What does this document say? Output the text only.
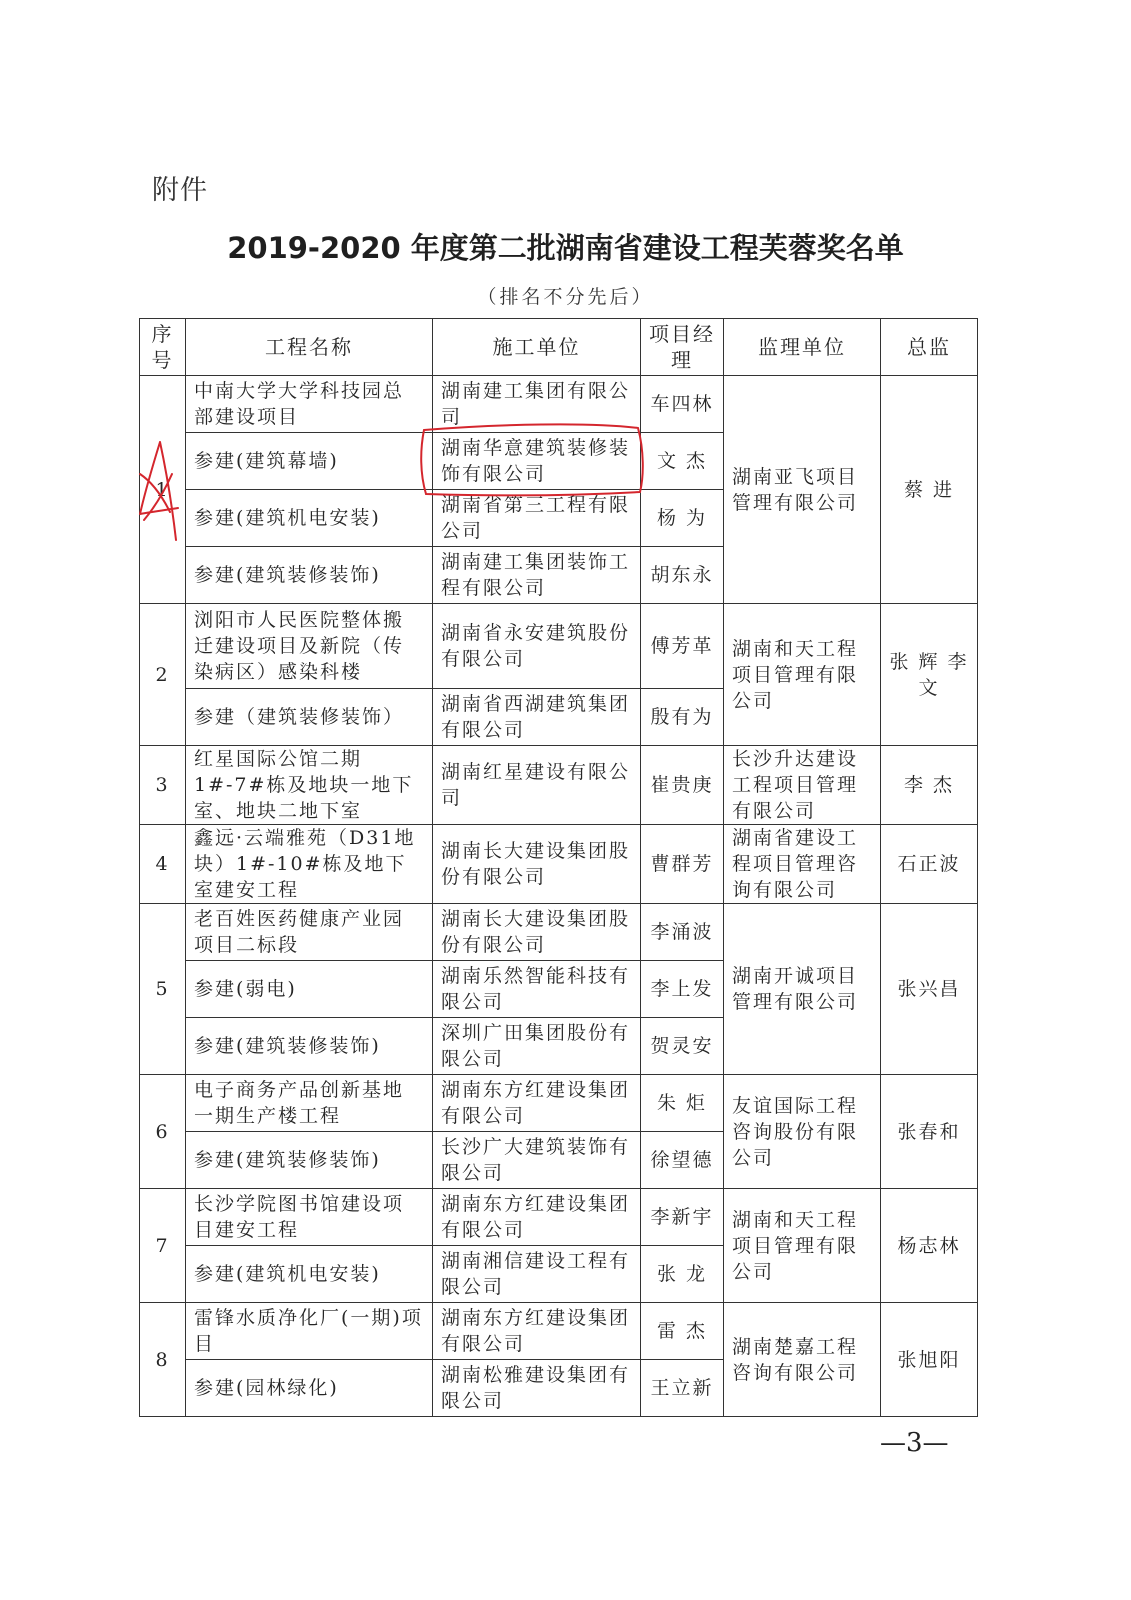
附件
2019-2020 年度第二批湖南省建设工程芙蓉奖名单
（排名不分先后）
序号	工程名称	施工单位	项目经理	监理单位	总监
1	中南大学大学科技园总部建设项目	湖南建工集团有限公司	车四林	湖南亚飞项目管理有限公司	蔡 进
	参建(建筑幕墙)	湖南华意建筑装修装饰有限公司	文 杰		
	参建(建筑机电安装)	湖南省第三工程有限公司	杨 为		
	参建(建筑装修装饰)	湖南建工集团装饰工程有限公司	胡东永		
2	浏阳市人民医院整体搬迁建设项目及新院（传染病区）感染科楼	湖南省永安建筑股份有限公司	傅芳革	湖南和天工程项目管理有限公司	张 辉 李 文
	参建（建筑装修装饰）	湖南省西湖建筑集团有限公司	殷有为		
3	红星国际公馆二期 1#-7#栋及地块一地下室、地块二地下室	湖南红星建设有限公司	崔贵庚	长沙升达建设工程项目管理有限公司	李 杰
4	鑫远·云端雅苑（D31地块）1#-10#栋及地下室建安工程	湖南长大建设集团股份有限公司	曹群芳	湖南省建设工程项目管理咨询有限公司	石正波
5	老百姓医药健康产业园项目二标段	湖南长大建设集团股份有限公司	李涌波	湖南开诚项目管理有限公司	张兴昌
	参建(弱电)	湖南乐然智能科技有限公司	李上发		
	参建(建筑装修装饰)	深圳广田集团股份有限公司	贺灵安		
6	电子商务产品创新基地一期生产楼工程	湖南东方红建设集团有限公司	朱 炬	友谊国际工程咨询股份有限公司	张春和
	参建(建筑装修装饰)	长沙广大建筑装饰有限公司	徐望德		
7	长沙学院图书馆建设项目建安工程	湖南东方红建设集团有限公司	李新宇	湖南和天工程项目管理有限公司	杨志林
	参建(建筑机电安装)	湖南湘信建设工程有限公司	张 龙		
8	雷锋水质净化厂(一期)项目	湖南东方红建设集团有限公司	雷 杰	湖南楚嘉工程咨询有限公司	张旭阳
	参建(园林绿化)	湖南松雅建设集团有限公司	王立新		
—3—
